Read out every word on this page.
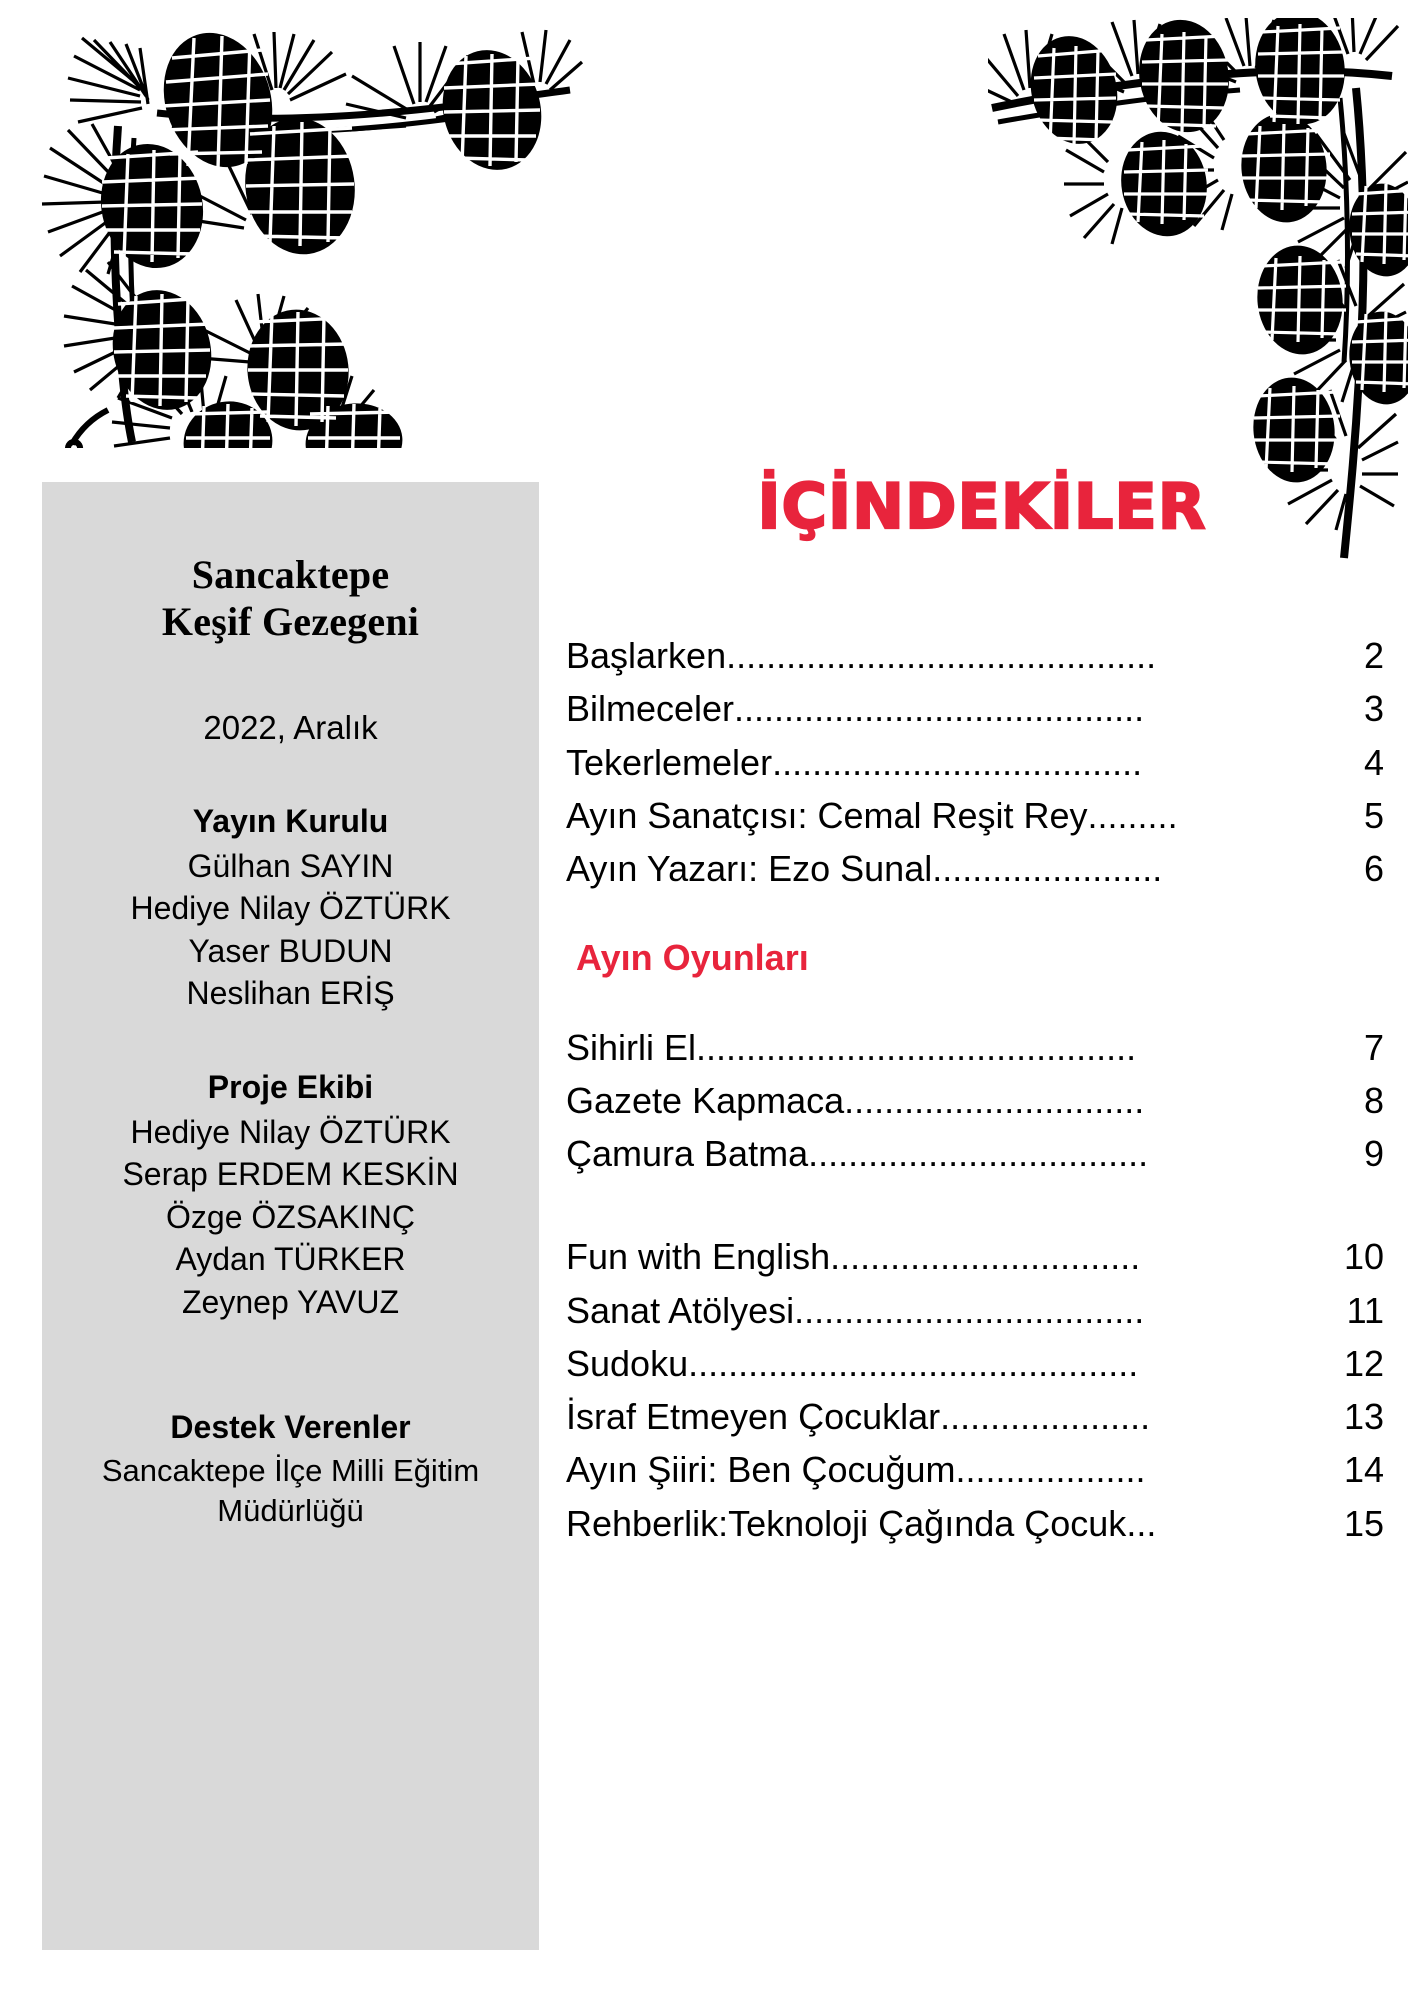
Sancaktepe
Keşif Gezegeni
2022, Aralık
Yayın Kurulu
Gülhan SAYIN
Hediye Nilay ÖZTÜRK
Yaser BUDUN
Neslihan ERİŞ
Proje Ekibi
Hediye Nilay ÖZTÜRK
Serap ERDEM KESKİN
Özge ÖZSAKINÇ
Aydan TÜRKER
Zeynep YAVUZ
Destek Verenler
Sancaktepe İlçe Milli Eğitim
Müdürlüğü
İÇİNDEKİLER
Başlarken ...........................................	2
Bilmeceler .........................................	3
Tekerlemeler .....................................	4
Ayın Sanatçısı: Cemal Reşit Rey .........	5
Ayın Yazarı: Ezo Sunal .......................	6
Ayın Oyunları
Sihirli El ............................................	7
Gazete Kapmaca ..............................	8
Çamura Batma ..................................	9
Fun with English ...............................	10
Sanat Atölyesi ...................................	11
Sudoku .............................................	12
İsraf Etmeyen Çocuklar .....................	13
Ayın Şiiri: Ben Çocuğum ...................	14
Rehberlik:Teknoloji Çağında Çocuk ...	15
